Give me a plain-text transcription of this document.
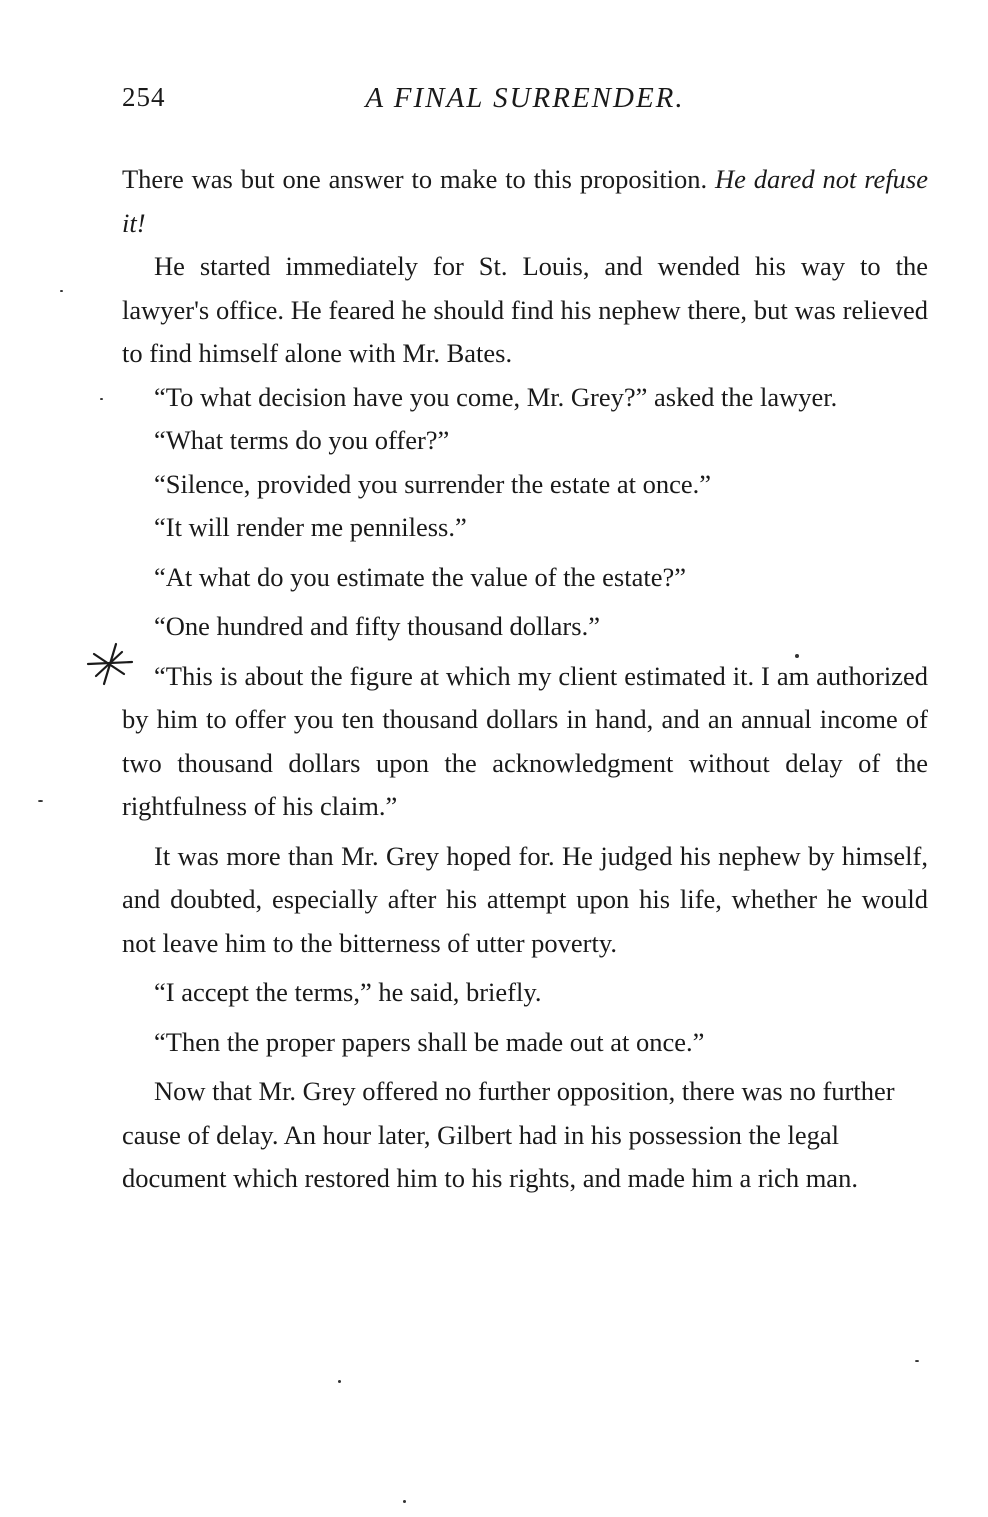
254	A FINAL SURRENDER.

There was but one answer to make to this proposition. He dared not refuse it!

He started immediately for St. Louis, and wended his way to the lawyer's office. He feared he should find his nephew there, but was relieved to find himself alone with Mr. Bates.

“To what decision have you come, Mr. Grey?” asked the lawyer.

“What terms do you offer?”

“Silence, provided you surrender the estate at once.”

“It will render me penniless.”

“At what do you estimate the value of the estate?”

“One hundred and fifty thousand dollars.”

“This is about the figure at which my client estimated it. I am authorized by him to offer you ten thousand dollars in hand, and an annual income of two thousand dollars upon the acknowledgment without delay of the rightfulness of his claim.”

It was more than Mr. Grey hoped for. He judged his nephew by himself, and doubted, especially after his attempt upon his life, whether he would not leave him to the bitterness of utter poverty.

“I accept the terms,” he said, briefly.

“Then the proper papers shall be made out at once.”

Now that Mr. Grey offered no further opposition, there was no further cause of delay. An hour later, Gilbert had in his possession the legal document which restored him to his rights, and made him a rich man.
